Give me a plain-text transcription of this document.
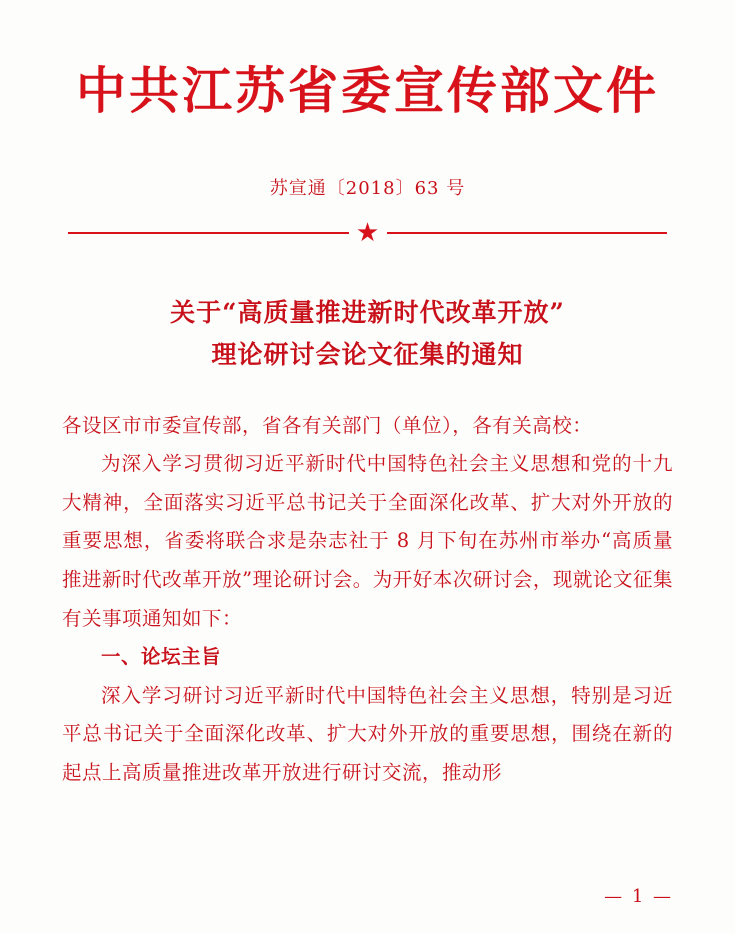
中共江苏省委宣传部文件
苏宣通〔2018〕63 号
★
关于“高质量推进新时代改革开放”
理论研讨会论文征集的通知

各设区市市委宣传部，省各有关部门（单位），各有关高校：

为深入学习贯彻习近平新时代中国特色社会主义思想和党的十九大精神，全面落实习近平总书记关于全面深化改革、扩大对外开放的重要思想，省委将联合求是杂志社于 8 月下旬在苏州市举办“高质量推进新时代改革开放”理论研讨会。为开好本次研讨会，现就论文征集有关事项通知如下：

一、论坛主旨

深入学习研讨习近平新时代中国特色社会主义思想，特别是习近平总书记关于全面深化改革、扩大对外开放的重要思想，围绕在新的起点上高质量推进改革开放进行研讨交流，推动形

— 1 —
